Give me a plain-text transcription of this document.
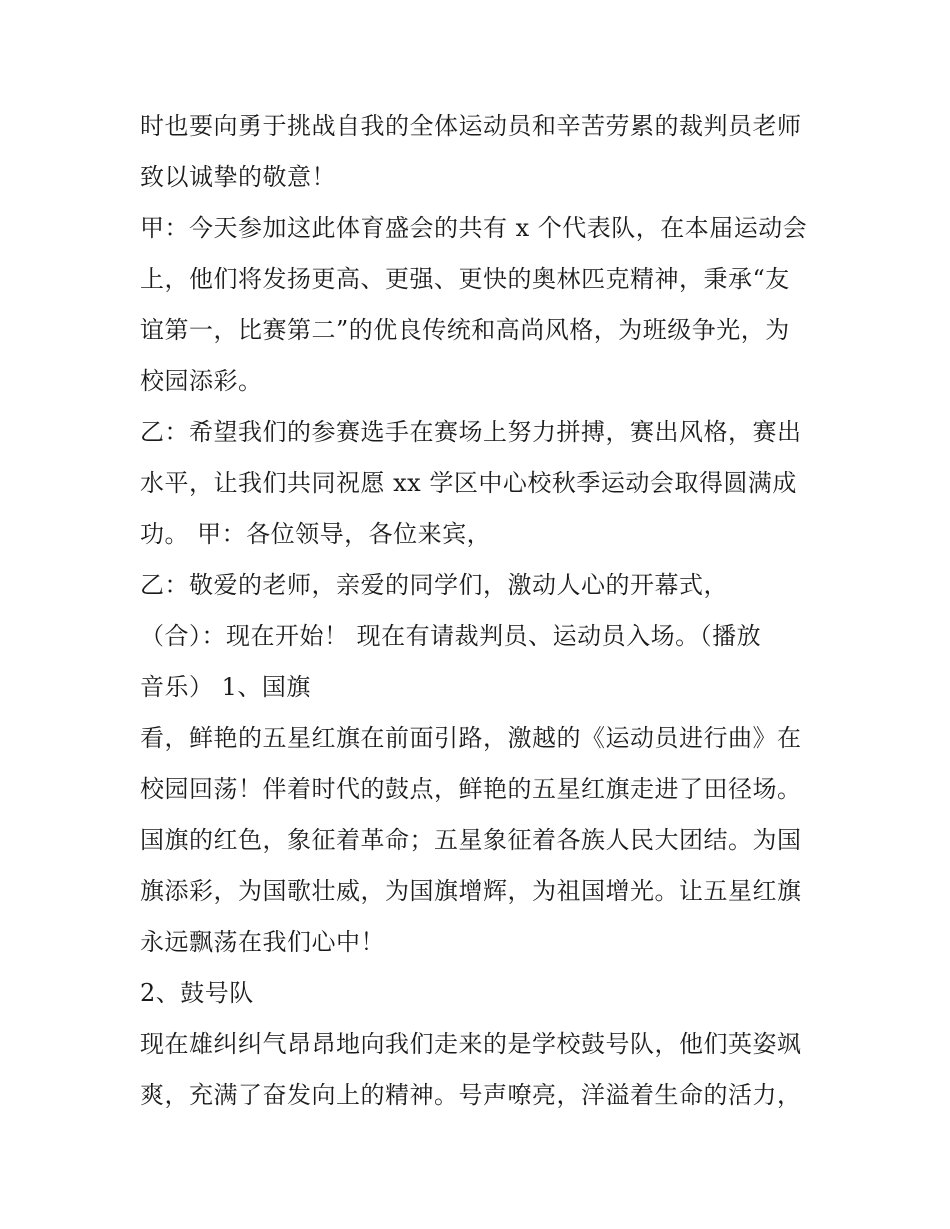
时也要向勇于挑战自我的全体运动员和辛苦劳累的裁判员老师
致以诚挚的敬意！
甲：今天参加这此体育盛会的共有 x 个代表队，在本届运动会
上，他们将发扬更高、更强、更快的奥林匹克精神，秉承“友
谊第一，比赛第二”的优良传统和高尚风格，为班级争光，为
校园添彩。
乙：希望我们的参赛选手在赛场上努力拼搏，赛出风格，赛出
水平，让我们共同祝愿 xx 学区中心校秋季运动会取得圆满成
功。 甲：各位领导，各位来宾，
乙：敬爱的老师，亲爱的同学们，激动人心的开幕式，
（合）：现在开始！ 现在有请裁判员、运动员入场。（播放
音乐） 1、国旗
看，鲜艳的五星红旗在前面引路，激越的《运动员进行曲》在
校园回荡！伴着时代的鼓点，鲜艳的五星红旗走进了田径场。
国旗的红色，象征着革命；五星象征着各族人民大团结。为国
旗添彩，为国歌壮威，为国旗增辉，为祖国增光。让五星红旗
永远飘荡在我们心中！
2、鼓号队
现在雄纠纠气昂昂地向我们走来的是学校鼓号队，他们英姿飒
爽，充满了奋发向上的精神。号声嘹亮，洋溢着生命的活力，
